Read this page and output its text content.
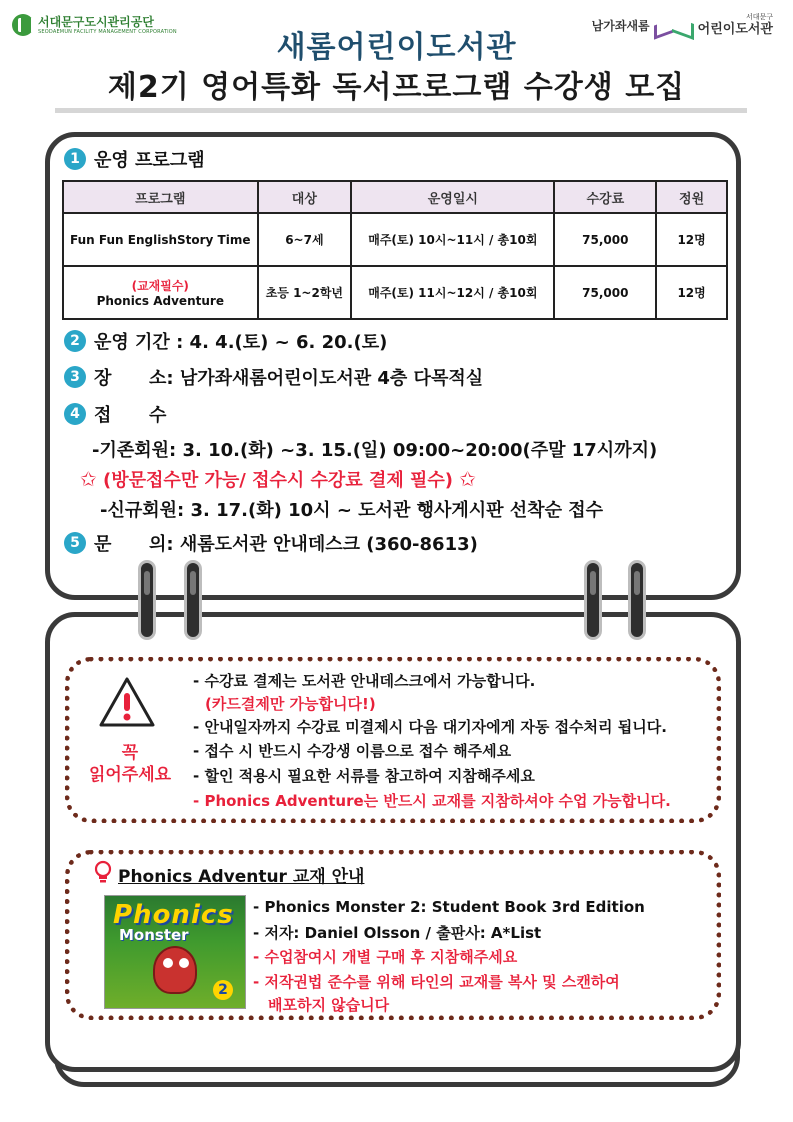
서대문구도시관리공단
SEODAEMUN FACILITY MANAGEMENT CORPORATION	남가좌새롬
서대문구
어린이도서관
새롬어린이도서관
제2기 영어특화 독서프로그램 수강생 모집
1 운영 프로그램
프로그램	대상	운영일시	수강료	정원
Fun Fun EnglishStory Time	6~7세	매주(토) 10시~11시 / 총10회	75,000	12명

(교재필수)
Phonics Adventure	초등 1~2학년	매주(토) 11시~12시 / 총10회	75,000	12명
2 운영 기간 : 4. 4.(토) ~ 6. 20.(토)
3 장      소: 남가좌새롬어린이도서관 4층 다목적실
4 접      수
-기존회원: 3. 10.(화) ~3. 15.(일) 09:00~20:00(주말 17시까지)
✩ (방문접수만 가능/ 접수시 수강료 결제 필수) ✩
-신규회원: 3. 17.(화) 10시 ~ 도서관 행사게시판 선착순 접수
5 문      의: 새롬도서관 안내데스크 (360-8613)
꼭
읽어주세요
- 수강료 결제는 도서관 안내데스크에서 가능합니다.
(카드결제만 가능합니다!)
- 안내일자까지 수강료 미결제시 다음 대기자에게 자동 접수처리 됩니다.
- 접수 시 반드시 수강생 이름으로 접수 해주세요
- 할인 적용시 필요한 서류를 참고하여 지참해주세요
- Phonics Adventure는 반드시 교재를 지참하셔야 수업 가능합니다.
Phonics Adventur 교재 안내
Phonics
Monster
2
- Phonics Monster 2: Student Book 3rd Edition
- 저자: Daniel Olsson / 출판사: A*List
- 수업참여시 개별 구매 후 지참해주세요
- 저작권법 준수를 위해 타인의 교재를 복사 및 스캔하여
배포하지 않습니다
